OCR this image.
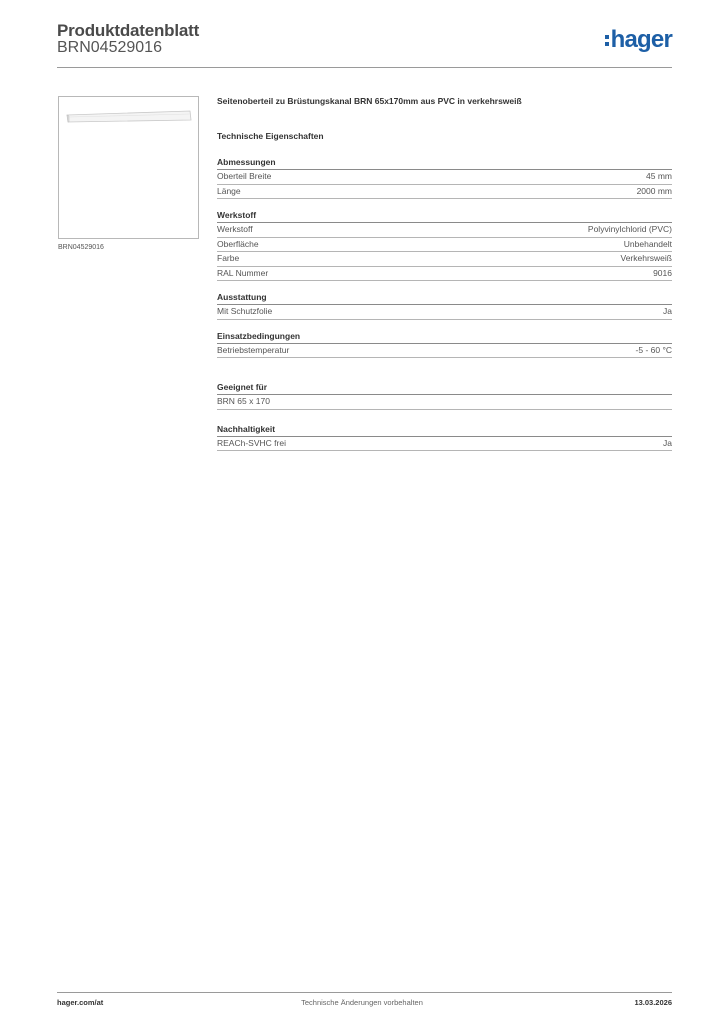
Produktdatenblatt
BRN04529016	hager
BRN04529016
Seitenoberteil zu Brüstungskanal BRN 65x170mm aus PVC in verkehrsweiß
Technische Eigenschaften
Abmessungen
Oberteil Breite	45 mm
Länge	2000 mm
Werkstoff
Werkstoff	Polyvinylchlorid (PVC)
Oberfläche	Unbehandelt
Farbe	Verkehrsweiß
RAL Nummer	9016
Ausstattung
Mit Schutzfolie	Ja
Einsatzbedingungen
Betriebstemperatur	-5 - 60 °C
Geeignet für
BRN 65 x 170
Nachhaltigkeit
REACh-SVHC frei	Ja
hager.com/at	Technische Änderungen vorbehalten	13.03.2026
